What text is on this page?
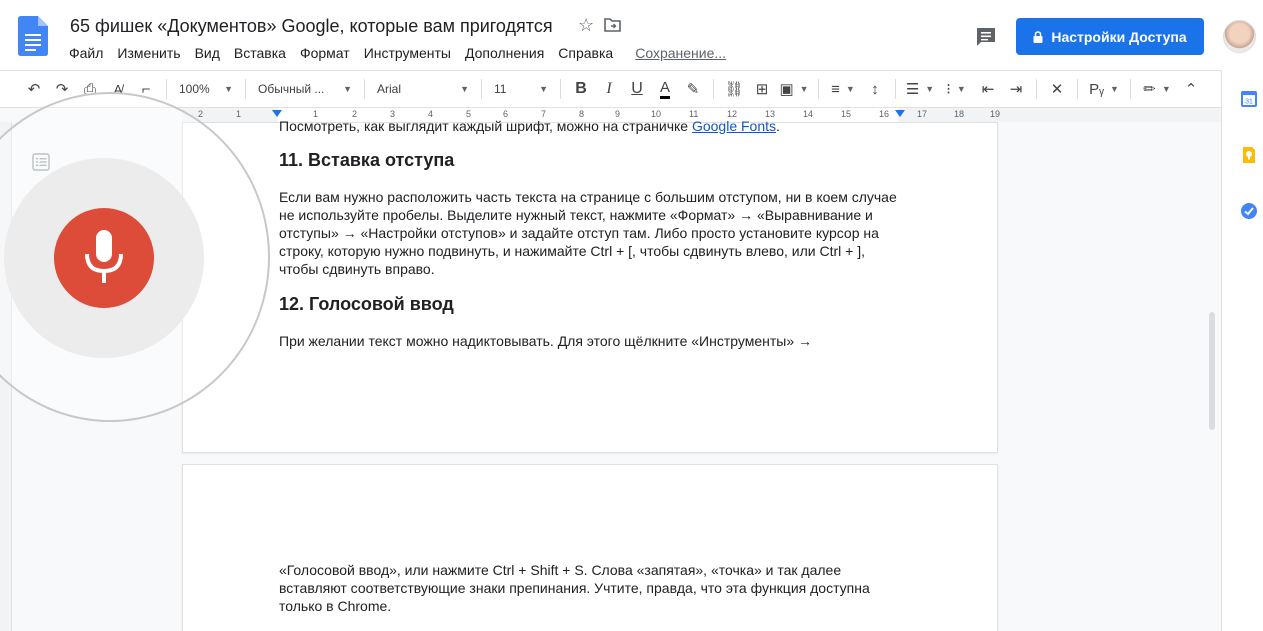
65 фишек «Документов» Google, которые вам пригодятся ☆
Файл	Изменить	Вид	Вставка	Формат	Инструменты	Дополнения	Справка	Сохранение...
Настройки Доступа
↶	↷	⎙	A̸	⌐	100% ▼ Обычный ... ▼ Arial	▼ 11	▼	B	I	U	A	✎	⛓ ⊞ ▣ ▼	≡ ▼	↕	☰ ▼ ⁝ ▼	⇤	⇥	✕	Pᵧ ▼	✏ ▼ ⌃
2	1	1	2	3	4	5	6	7	8	9	10	11	12	13	14	15	16	17	18	19
Посмотреть, как выглядит каждый шрифт, можно на страничке Google Fonts.
11. Вставка отступа
Если вам нужно расположить часть текста на странице с большим отступом, ни в коем случае не используйте пробелы. Выделите нужный текст, нажмите «Формат» → «Выравнивание и отступы» → «Настройки отступов» и задайте отступ там. Либо просто установите курсор на строку, которую нужно подвинуть, и нажимайте Ctrl + [, чтобы сдвинуть влево, или Ctrl + ], чтобы сдвинуть вправо.
12. Голосовой ввод
При желании текст можно надиктовывать. Для этого щёлкните «Инструменты» →
«Голосовой ввод», или нажмите Ctrl + Shift + S. Слова «запятая», «точка» и так далее вставляют соответствующие знаки препинания. Учтите, правда, что эта функция доступна только в Chrome.
31
